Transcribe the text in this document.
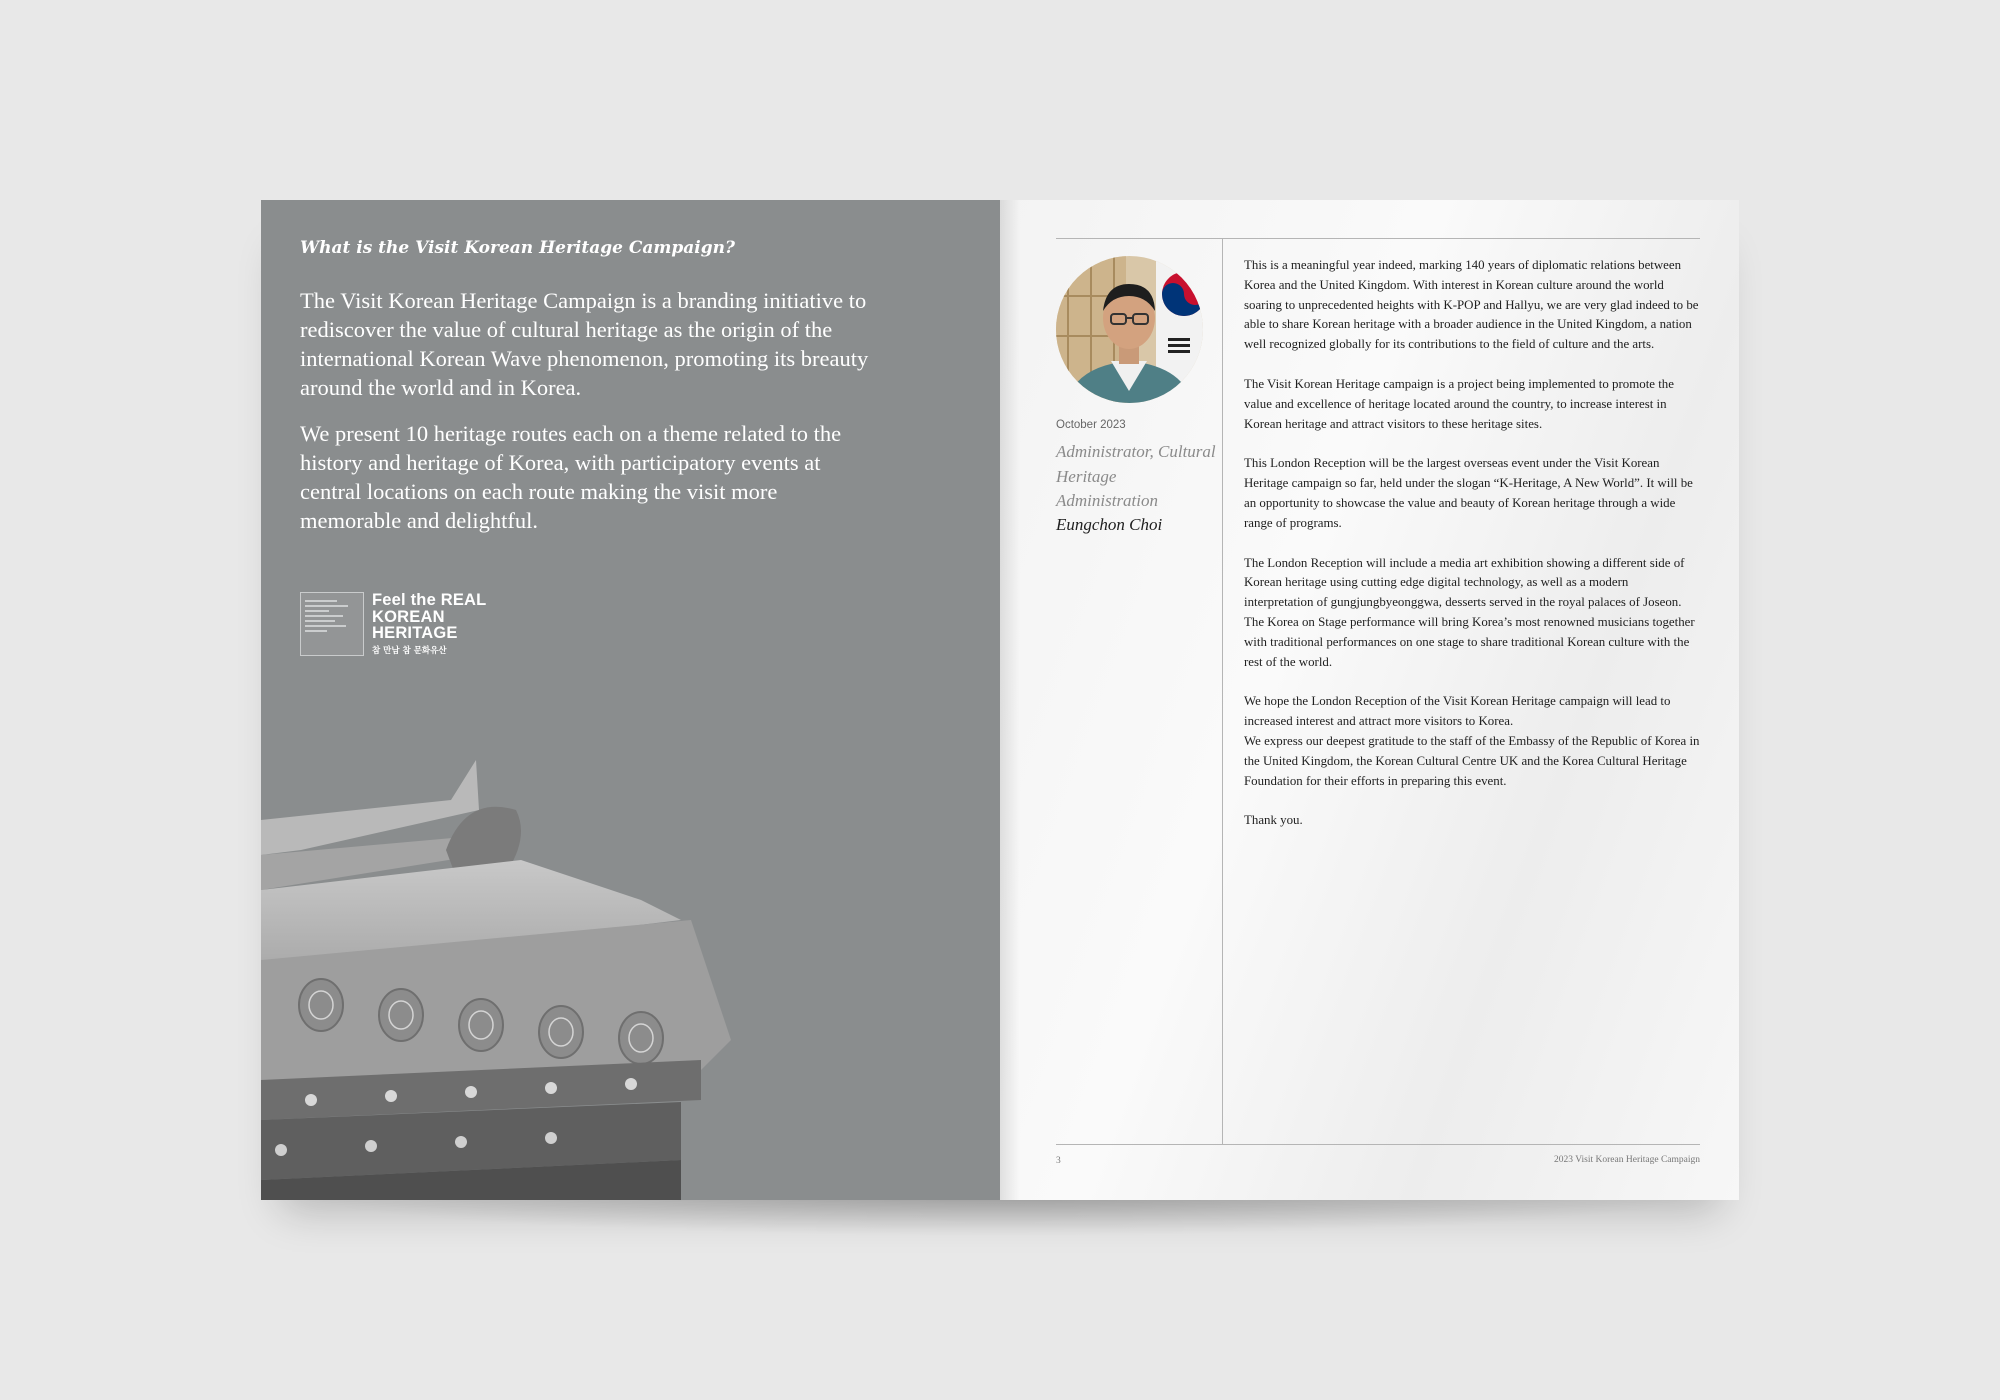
What is the Visit Korean Heritage Campaign?

The Visit Korean Heritage Campaign is a branding initiative to rediscover the value of cultural heritage as the origin of the international Korean Wave phenomenon, promoting its breauty around the world and in Korea.

We present 10 heritage routes each on a theme related to the history and heritage of Korea, with participatory events at central locations on each route making the visit more memorable and delightful.

Feel the REAL
KOREAN
HERITAGE
참 만남 참 문화유산

October 2023

Administrator, Cultural Heritage Administration

Eungchon Choi

This is a meaningful year indeed, marking 140 years of diplomatic relations between Korea and the United Kingdom. With interest in Korean culture around the world soaring to unprecedented heights with K-POP and Hallyu, we are very glad indeed to be able to share Korean heritage with a broader audience in the United Kingdom, a nation well recognized globally for its contributions to the field of culture and the arts.

The Visit Korean Heritage campaign is a project being implemented to promote the value and excellence of heritage located around the country, to increase interest in Korean heritage and attract visitors to these heritage sites.

This London Reception will be the largest overseas event under the Visit Korean Heritage campaign so far, held under the slogan “K-Heritage, A New World”. It will be an opportunity to showcase the value and beauty of Korean heritage through a wide range of programs.

The London Reception will include a media art exhibition showing a different side of Korean heritage using cutting edge digital technology, as well as a modern interpretation of gungjungbyeonggwa, desserts served in the royal palaces of Joseon. The Korea on Stage performance will bring Korea’s most renowned musicians together with traditional performances on one stage to share traditional Korean culture with the rest of the world.

We hope the London Reception of the Visit Korean Heritage campaign will lead to increased interest and attract more visitors to Korea.

We express our deepest gratitude to the staff of the Embassy of the Republic of Korea in the United Kingdom, the Korean Cultural Centre UK and the Korea Cultural Heritage Foundation for their efforts in preparing this event.

Thank you.

3	2023 Visit Korean Heritage Campaign
